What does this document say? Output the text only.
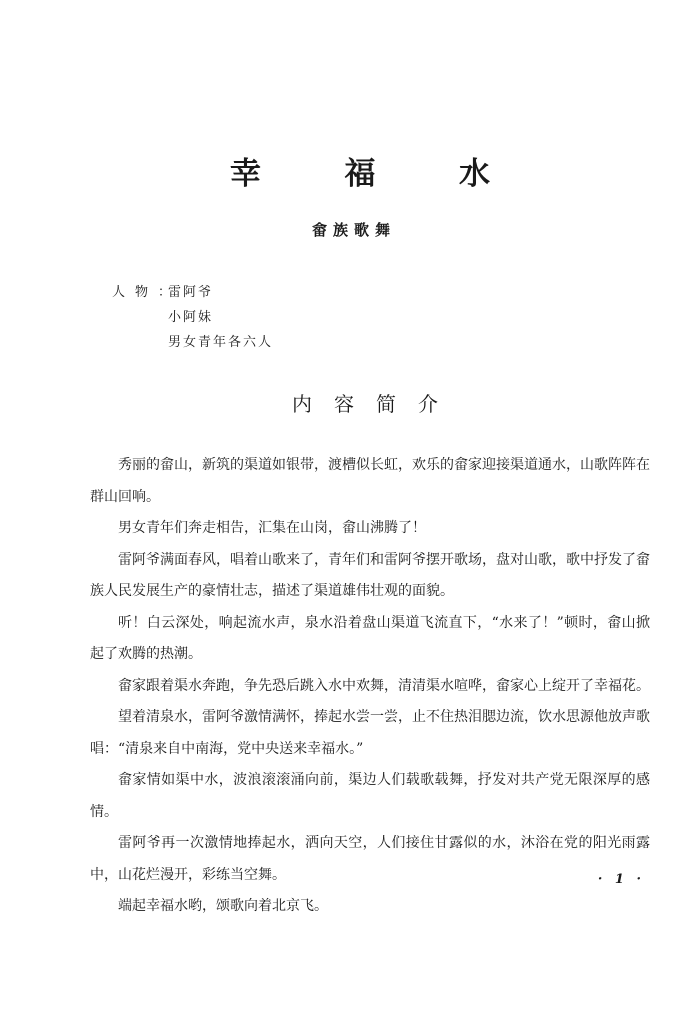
幸	福	水
畲族歌舞
人物：
雷阿爷
小阿妹
男女青年各六人
内容简介

秀丽的畲山，新筑的渠道如银带，渡槽似长虹，欢乐的畲家迎接渠道通水，山歌阵阵在群山回响。

男女青年们奔走相告，汇集在山岗，畲山沸腾了！

雷阿爷满面春风，唱着山歌来了，青年们和雷阿爷摆开歌场，盘对山歌，歌中抒发了畲族人民发展生产的豪情壮志，描述了渠道雄伟壮观的面貌。

听！白云深处，响起流水声，泉水沿着盘山渠道飞流直下，“水来了！”顿时，畲山掀起了欢腾的热潮。

畲家跟着渠水奔跑，争先恐后跳入水中欢舞，清清渠水喧哗，畲家心上绽开了幸福花。

望着清泉水，雷阿爷激情满怀，捧起水尝一尝，止不住热泪腮边流，饮水思源他放声歌唱：“清泉来自中南海，党中央送来幸福水。”

畲家情如渠中水，波浪滚滚涌向前，渠边人们载歌载舞，抒发对共产党无限深厚的感情。

雷阿爷再一次激情地捧起水，洒向天空，人们接住甘露似的水，沐浴在党的阳光雨露中，山花烂漫开，彩练当空舞。

端起幸福水哟，颂歌向着北京飞。

· 1 ·
